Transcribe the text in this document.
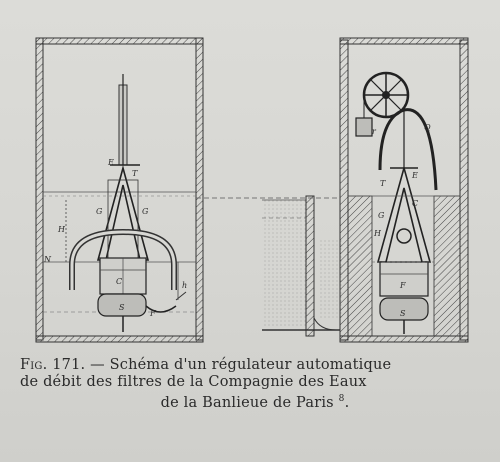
T
E
G	G
H
N
h
C
S
F
r	Q
T
E
G
C
H
F
S
Fig. 171. — Schéma d'un régulateur automatique
de débit des filtres de la Compagnie des Eaux
de la Banlieue de Paris $^8$.
